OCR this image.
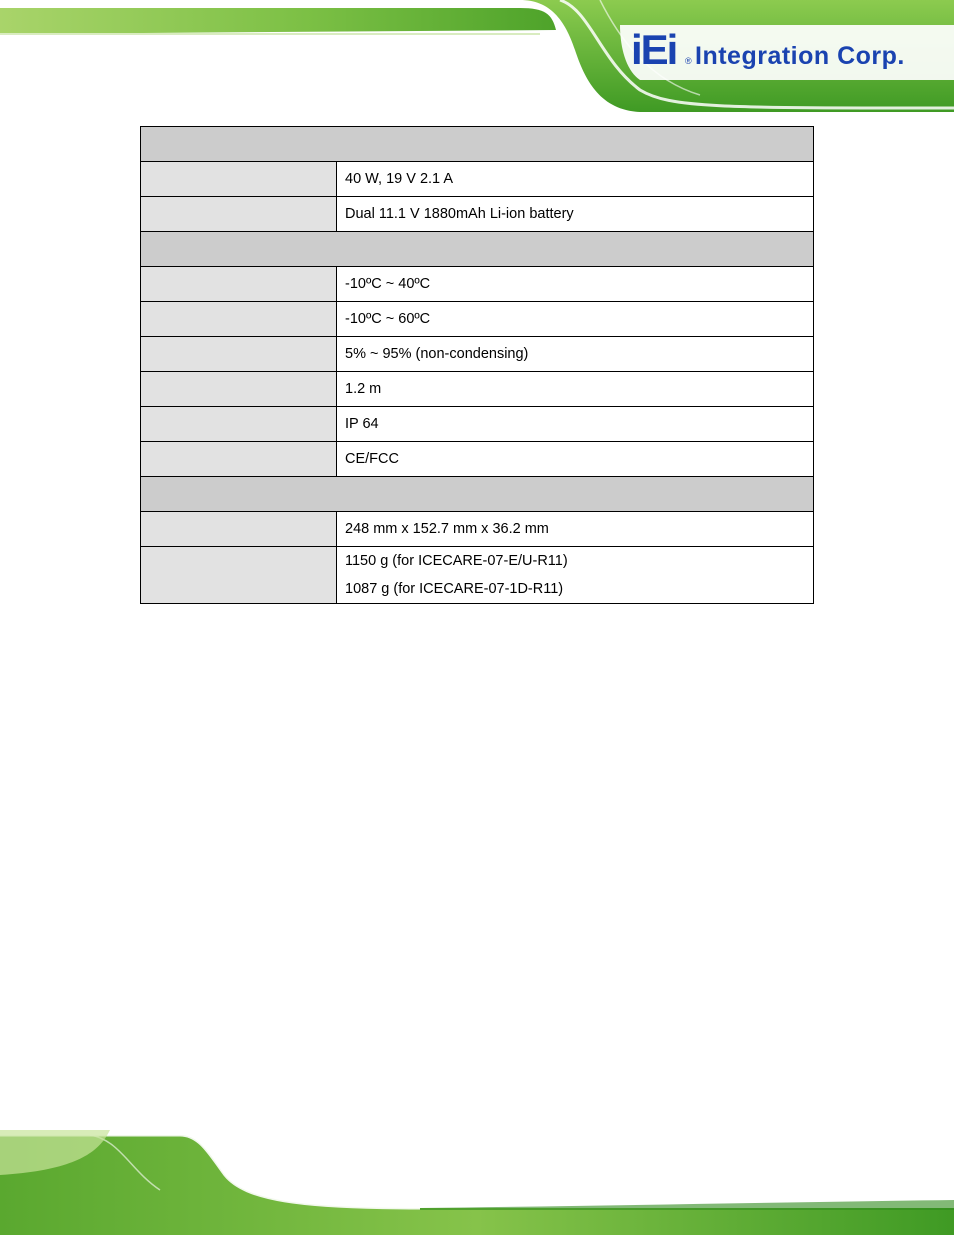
iEi ® Integration Corp.

	40 W, 19 V 2.1 A
	Dual 11.1 V 1880mAh Li-ion battery

	-10ºC ~ 40ºC
	-10ºC ~ 60ºC
	5% ~ 95% (non-condensing)
	1.2 m
	IP 64
	CE/FCC

	248 mm x 152.7 mm x 36.2 mm

	1150 g (for ICECARE-07-E/U-R11)
1087 g (for ICECARE-07-1D-R11)
